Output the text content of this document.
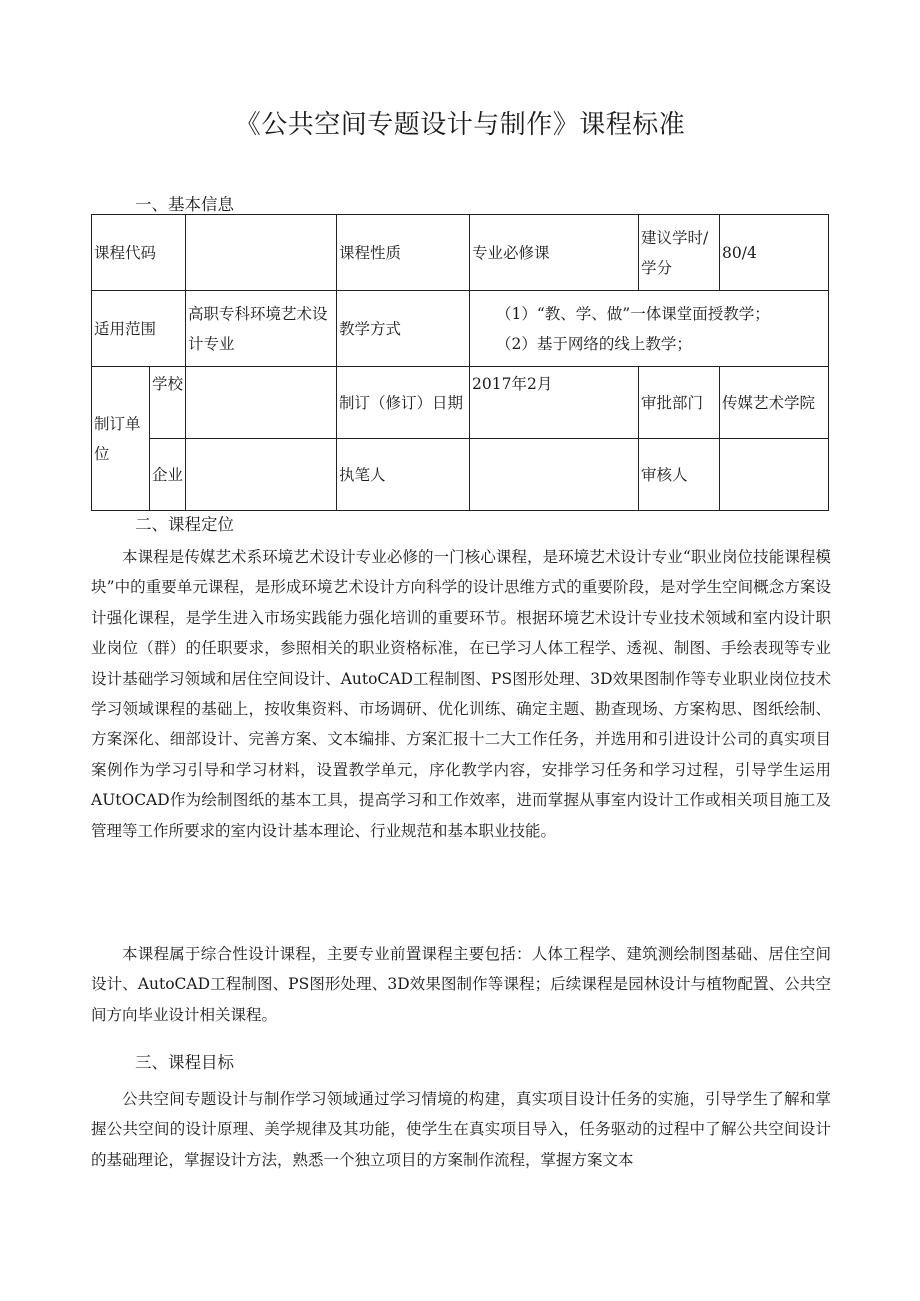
《公共空间专题设计与制作》课程标准
一、基本信息
课程代码			课程性质	专业必修课	建议学时/学分	80/4
适用范围		高职专科环境艺术设计专业	教学方式	（1）“教、学、做”一体课堂面授教学；
（2）基于网络的线上教学；		

制订单位	学校		制订（修订）日期	2017年2月	审批部门	传媒艺术学院
	企业		执笔人		审核人	
二、课程定位

本课程是传媒艺术系环境艺术设计专业必修的一门核心课程，是环境艺术设计专业“职业岗位技能课程模块”中的重要单元课程，是形成环境艺术设计方向科学的设计思维方式的重要阶段，是对学生空间概念方案设计强化课程，是学生进入市场实践能力强化培训的重要环节。根据环境艺术设计专业技术领域和室内设计职业岗位（群）的任职要求，参照相关的职业资格标准，在已学习人体工程学、透视、制图、手绘表现等专业设计基础学习领域和居住空间设计、AutoCAD工程制图、PS图形处理、3D效果图制作等专业职业岗位技术学习领域课程的基础上，按收集资料、市场调研、优化训练、确定主题、勘查现场、方案构思、图纸绘制、方案深化、细部设计、完善方案、文本编排、方案汇报十二大工作任务，并选用和引进设计公司的真实项目案例作为学习引导和学习材料，设置教学单元，序化教学内容，安排学习任务和学习过程，引导学生运用AUtOCAD作为绘制图纸的基本工具，提高学习和工作效率，进而掌握从事室内设计工作或相关项目施工及管理等工作所要求的室内设计基本理论、行业规范和基本职业技能。

本课程属于综合性设计课程，主要专业前置课程主要包括：人体工程学、建筑测绘制图基础、居住空间设计、AutoCAD工程制图、PS图形处理、3D效果图制作等课程；后续课程是园林设计与植物配置、公共空间方向毕业设计相关课程。

三、课程目标

公共空间专题设计与制作学习领域通过学习情境的构建，真实项目设计任务的实施，引导学生了解和掌握公共空间的设计原理、美学规律及其功能，使学生在真实项目导入，任务驱动的过程中了解公共空间设计的基础理论，掌握设计方法，熟悉一个独立项目的方案制作流程，掌握方案文本
